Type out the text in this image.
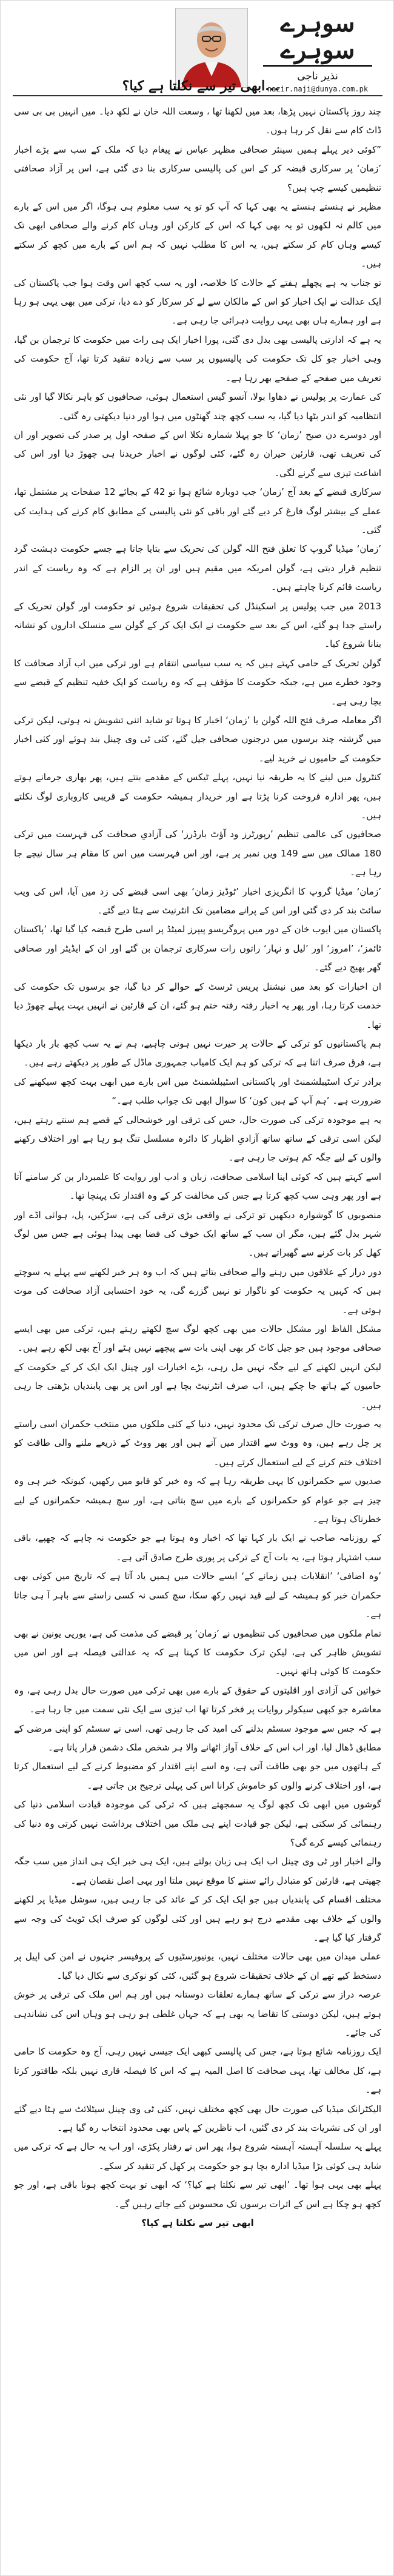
سوہرے سوہرے
نذیر ناجی
nazir.naji@dunya.com.pk
...ابھی تیر سے نکلتا ہے کیا؟

چند روز پاکستان نہیں پڑھا، بعد میں لکھنا تھا ، وسعت اللہ خان نے لکھ دیا۔ میں انہیں بی بی سی ڈاٹ کام سے نقل کر رہا ہوں۔

”کوئی دیر پہلے ہمیں سینئر صحافی مظہر عباس نے پیغام دیا کہ ملک کے سب سے بڑے اخبار ’زمان‘ پر سرکاری قبضہ کر کے اس کی پالیسی سرکاری بنا دی گئی ہے، اس پر آزاد صحافتی تنظیمیں کیسے چپ ہیں؟

مظہر نے ہنستے ہنستے یہ بھی کہا کہ آپ کو تو یہ سب معلوم ہی ہوگا، اگر میں اس کے بارے میں کالم نہ لکھوں تو یہ بھی کہا کہ اس کے کارکن اور وہاں کام کرنے والے صحافی ابھی تک کیسے وہاں کام کر سکتے ہیں، یہ اس کا مطلب نہیں کہ ہم اس کے بارے میں کچھ کر سکتے ہیں۔

تو جناب یہ ہے پچھلے ہفتے کے حالات کا خلاصہ، اور یہ سب کچھ اس وقت ہوا جب پاکستان کی ایک عدالت نے ایک اخبار کو اس کے مالکان سے لے کر سرکار کو دے دیا، ترکی میں بھی یہی ہو رہا ہے اور ہمارے ہاں بھی یہی روایت دہرائی جا رہی ہے۔

یہ ہے کہ ادارتی پالیسی بھی بدل دی گئی، پورا اخبار ایک ہی رات میں حکومت کا ترجمان بن گیا، وہی اخبار جو کل تک حکومت کی پالیسیوں پر سب سے زیادہ تنقید کرتا تھا، آج حکومت کی تعریف میں صفحے کے صفحے بھر رہا ہے۔

کی عمارت پر پولیس نے دھاوا بولا، آنسو گیس استعمال ہوئی، صحافیوں کو باہر نکالا گیا اور نئی انتظامیہ کو اندر بٹھا دیا گیا، یہ سب کچھ چند گھنٹوں میں ہوا اور دنیا دیکھتی رہ گئی۔

اور دوسرے دن صبح ’زمان‘ کا جو پہلا شمارہ نکلا اس کے صفحہ اول پر صدر کی تصویر اور ان کی تعریف تھی، قارئین حیران رہ گئے، کئی لوگوں نے اخبار خریدنا ہی چھوڑ دیا اور اس کی اشاعت تیزی سے گرنے لگی۔

سرکاری قبضے کے بعد آج ’زمان‘ جب دوبارہ شائع ہوا تو 42 کے بجائے 12 صفحات پر مشتمل تھا، عملے کے بیشتر لوگ فارغ کر دیے گئے اور باقی کو نئی پالیسی کے مطابق کام کرنے کی ہدایت کی گئی۔

’زمان‘ میڈیا گروپ کا تعلق فتح اللہ گولن کی تحریک سے بتایا جاتا ہے جسے حکومت دہشت گرد تنظیم قرار دیتی ہے، گولن امریکہ میں مقیم ہیں اور ان پر الزام ہے کہ وہ ریاست کے اندر ریاست قائم کرنا چاہتے ہیں۔

2013 میں جب پولیس پر اسکینڈل کی تحقیقات شروع ہوئیں تو حکومت اور گولن تحریک کے راستے جدا ہو گئے، اس کے بعد سے حکومت نے ایک ایک کر کے گولن سے منسلک اداروں کو نشانہ بنانا شروع کیا۔

گولن تحریک کے حامی کہتے ہیں کہ یہ سب سیاسی انتقام ہے اور ترکی میں اب آزاد صحافت کا وجود خطرے میں ہے، جبکہ حکومت کا مؤقف ہے کہ وہ ریاست کو ایک خفیہ تنظیم کے قبضے سے بچا رہی ہے۔

اگر معاملہ صرف فتح اللہ گولن یا ’زمان‘ اخبار کا ہوتا تو شاید اتنی تشویش نہ ہوتی، لیکن ترکی میں گزشتہ چند برسوں میں درجنوں صحافی جیل گئے، کئی ٹی وی چینل بند ہوئے اور کئی اخبار حکومت کے حامیوں نے خرید لیے۔

کنٹرول میں لینے کا یہ طریقہ نیا نہیں، پہلے ٹیکس کے مقدمے بنتے ہیں، پھر بھاری جرمانے ہوتے ہیں، پھر ادارہ فروخت کرنا پڑتا ہے اور خریدار ہمیشہ حکومت کے قریبی کاروباری لوگ نکلتے ہیں۔

صحافیوں کی عالمی تنظیم ’رپورٹرز ود آؤٹ بارڈرز‘ کی آزادیِ صحافت کی فہرست میں ترکی 180 ممالک میں سے 149 ویں نمبر پر ہے، اور اس فہرست میں اس کا مقام ہر سال نیچے جا رہا ہے۔

’زمان‘ میڈیا گروپ کا انگریزی اخبار ’ٹوڈیز زمان‘ بھی اسی قبضے کی زد میں آیا، اس کی ویب سائٹ بند کر دی گئی اور اس کے پرانے مضامین تک انٹرنیٹ سے ہٹا دیے گئے۔

پاکستان میں ایوب خان کے دور میں پروگریسو پیپرز لمیٹڈ پر اسی طرح قبضہ کیا گیا تھا، ’پاکستان ٹائمز‘، ’امروز‘ اور ’لیل و نہار‘ راتوں رات سرکاری ترجمان بن گئے اور ان کے ایڈیٹر اور صحافی گھر بھیج دیے گئے۔

ان اخبارات کو بعد میں نیشنل پریس ٹرسٹ کے حوالے کر دیا گیا، جو برسوں تک حکومت کی خدمت کرتا رہا، اور پھر یہ اخبار رفتہ رفتہ ختم ہو گئے، ان کے قارئین نے انہیں بہت پہلے چھوڑ دیا تھا۔

ہم پاکستانیوں کو ترکی کے حالات پر حیرت نہیں ہونی چاہیے، ہم نے یہ سب کچھ بار بار دیکھا ہے، فرق صرف اتنا ہے کہ ترکی کو ہم ایک کامیاب جمہوری ماڈل کے طور پر دیکھتے رہے ہیں۔

برادر ترک اسٹیبلشمنٹ اور پاکستانی اسٹیبلشمنٹ میں اس بارے میں ابھی بہت کچھ سیکھنے کی ضرورت ہے۔ ’ہم آپ کے ہیں کون‘ کا سوال ابھی تک جواب طلب ہے۔“

یہ ہے موجودہ ترکی کی صورت حال، جس کی ترقی اور خوشحالی کے قصے ہم سنتے رہتے ہیں، لیکن اسی ترقی کے ساتھ ساتھ آزادیِ اظہار کا دائرہ مسلسل تنگ ہو رہا ہے اور اختلاف رکھنے والوں کے لیے جگہ کم ہوتی جا رہی ہے۔

اسے کہتے ہیں کہ کوئی اپنا اسلامی صحافت، زبان و ادب اور روایت کا علمبردار بن کر سامنے آتا ہے اور پھر وہی سب کچھ کرتا ہے جس کی مخالفت کر کے وہ اقتدار تک پہنچا تھا۔

منصوبوں کا گوشوارہ دیکھیں تو ترکی نے واقعی بڑی ترقی کی ہے، سڑکیں، پل، ہوائی اڈے اور شہر بدل گئے ہیں، مگر ان سب کے ساتھ ایک خوف کی فضا بھی پیدا ہوئی ہے جس میں لوگ کھل کر بات کرنے سے گھبراتے ہیں۔

دور دراز کے علاقوں میں رہنے والے صحافی بتاتے ہیں کہ اب وہ ہر خبر لکھنے سے پہلے یہ سوچتے ہیں کہ کہیں یہ حکومت کو ناگوار تو نہیں گزرے گی، یہ خود احتسابی آزاد صحافت کی موت ہوتی ہے۔

مشکل الفاظ اور مشکل حالات میں بھی کچھ لوگ سچ لکھتے رہتے ہیں، ترکی میں بھی ایسے صحافی موجود ہیں جو جیل کاٹ کر بھی اپنی بات سے پیچھے نہیں ہٹے اور آج بھی لکھ رہے ہیں۔

لیکن انہیں لکھنے کے لیے جگہ نہیں مل رہی، بڑے اخبارات اور چینل ایک ایک کر کے حکومت کے حامیوں کے ہاتھ جا چکے ہیں، اب صرف انٹرنیٹ بچا ہے اور اس پر بھی پابندیاں بڑھتی جا رہی ہیں۔

یہ صورت حال صرف ترکی تک محدود نہیں، دنیا کے کئی ملکوں میں منتخب حکمران اسی راستے پر چل رہے ہیں، وہ ووٹ سے اقتدار میں آتے ہیں اور پھر ووٹ کے ذریعے ملنے والی طاقت کو اختلاف ختم کرنے کے لیے استعمال کرتے ہیں۔

صدیوں سے حکمرانوں کا یہی طریقہ رہا ہے کہ وہ خبر کو قابو میں رکھیں، کیونکہ خبر ہی وہ چیز ہے جو عوام کو حکمرانوں کے بارے میں سچ بتاتی ہے، اور سچ ہمیشہ حکمرانوں کے لیے خطرناک ہوتا ہے۔

کے روزنامہ صاحب نے ایک بار کہا تھا کہ اخبار وہ ہوتا ہے جو حکومت نہ چاہے کہ چھپے، باقی سب اشتہار ہوتا ہے، یہ بات آج کے ترکی پر پوری طرح صادق آتی ہے۔

’وہ اضافی‘ ’انقلابات ہیں زمانے کے‘ ایسے حالات میں ہمیں یاد آتا ہے کہ تاریخ میں کوئی بھی حکمران خبر کو ہمیشہ کے لیے قید نہیں رکھ سکا، سچ کسی نہ کسی راستے سے باہر آ ہی جاتا ہے۔

تمام ملکوں میں صحافیوں کی تنظیموں نے ’زمان‘ پر قبضے کی مذمت کی ہے، یورپی یونین نے بھی تشویش ظاہر کی ہے، لیکن ترک حکومت کا کہنا ہے کہ یہ عدالتی فیصلہ ہے اور اس میں حکومت کا کوئی ہاتھ نہیں۔

خواتین کی آزادی اور اقلیتوں کے حقوق کے بارے میں بھی ترکی میں صورت حال بدل رہی ہے، وہ معاشرہ جو کبھی سیکولر روایات پر فخر کرتا تھا اب تیزی سے ایک نئی سمت میں جا رہا ہے۔

ہے کہ جس سے موجود سسٹم بدلنے کی امید کی جا رہی تھی، اسی نے سسٹم کو اپنی مرضی کے مطابق ڈھال لیا، اور اب اس کے خلاف آواز اٹھانے والا ہر شخص ملک دشمن قرار پاتا ہے۔

کے ہاتھوں میں جو بھی طاقت آتی ہے، وہ اسے اپنے اقتدار کو مضبوط کرنے کے لیے استعمال کرتا ہے، اور اختلاف کرنے والوں کو خاموش کرانا اس کی پہلی ترجیح بن جاتی ہے۔

گوشوں میں ابھی تک کچھ لوگ یہ سمجھتے ہیں کہ ترکی کی موجودہ قیادت اسلامی دنیا کی رہنمائی کر سکتی ہے، لیکن جو قیادت اپنے ہی ملک میں اختلاف برداشت نہیں کرتی وہ دنیا کی رہنمائی کیسے کرے گی؟

والے اخبار اور ٹی وی چینل اب ایک ہی زبان بولتے ہیں، ایک ہی خبر ایک ہی انداز میں سب جگہ چھپتی ہے، قارئین کو متبادل رائے سننے کا موقع نہیں ملتا اور یہی اصل نقصان ہے۔

مختلف اقسام کی پابندیاں ہیں جو ایک ایک کر کے عائد کی جا رہی ہیں، سوشل میڈیا پر لکھنے والوں کے خلاف بھی مقدمے درج ہو رہے ہیں اور کئی لوگوں کو صرف ایک ٹویٹ کی وجہ سے گرفتار کیا گیا ہے۔

عملی میدان میں بھی حالات مختلف نہیں، یونیورسٹیوں کے پروفیسر جنہوں نے امن کی اپیل پر دستخط کیے تھے ان کے خلاف تحقیقات شروع ہو گئیں، کئی کو نوکری سے نکال دیا گیا۔

عرصہ دراز سے ترکی کے ساتھ ہمارے تعلقات دوستانہ ہیں اور ہم اس ملک کی ترقی پر خوش ہوتے ہیں، لیکن دوستی کا تقاضا یہ بھی ہے کہ جہاں غلطی ہو رہی ہو وہاں اس کی نشاندہی کی جائے۔

ایک روزنامہ شائع ہوتا ہے، جس کی پالیسی کبھی ایک جیسی نہیں رہی، آج وہ حکومت کا حامی ہے، کل مخالف تھا، یہی صحافت کا اصل المیہ ہے کہ اس کا فیصلہ قاری نہیں بلکہ طاقتور کرتا ہے۔

الیکٹرانک میڈیا کی صورت حال بھی کچھ مختلف نہیں، کئی ٹی وی چینل سیٹلائٹ سے ہٹا دیے گئے اور ان کی نشریات بند کر دی گئیں، اب ناظرین کے پاس بھی محدود انتخاب رہ گیا ہے۔

پہلے یہ سلسلہ آہستہ آہستہ شروع ہوا، پھر اس نے رفتار پکڑی، اور اب یہ حال ہے کہ ترکی میں شاید ہی کوئی بڑا میڈیا ادارہ بچا ہو جو حکومت پر کھل کر تنقید کر سکے۔

پہلے بھی یہی ہوا تھا۔ ’ابھی تیر سے نکلتا ہے کیا؟‘ کہ ابھی تو بہت کچھ ہونا باقی ہے، اور جو کچھ ہو چکا ہے اس کے اثرات برسوں تک محسوس کیے جاتے رہیں گے۔

ابھی تیر سے نکلتا ہے کیا؟
